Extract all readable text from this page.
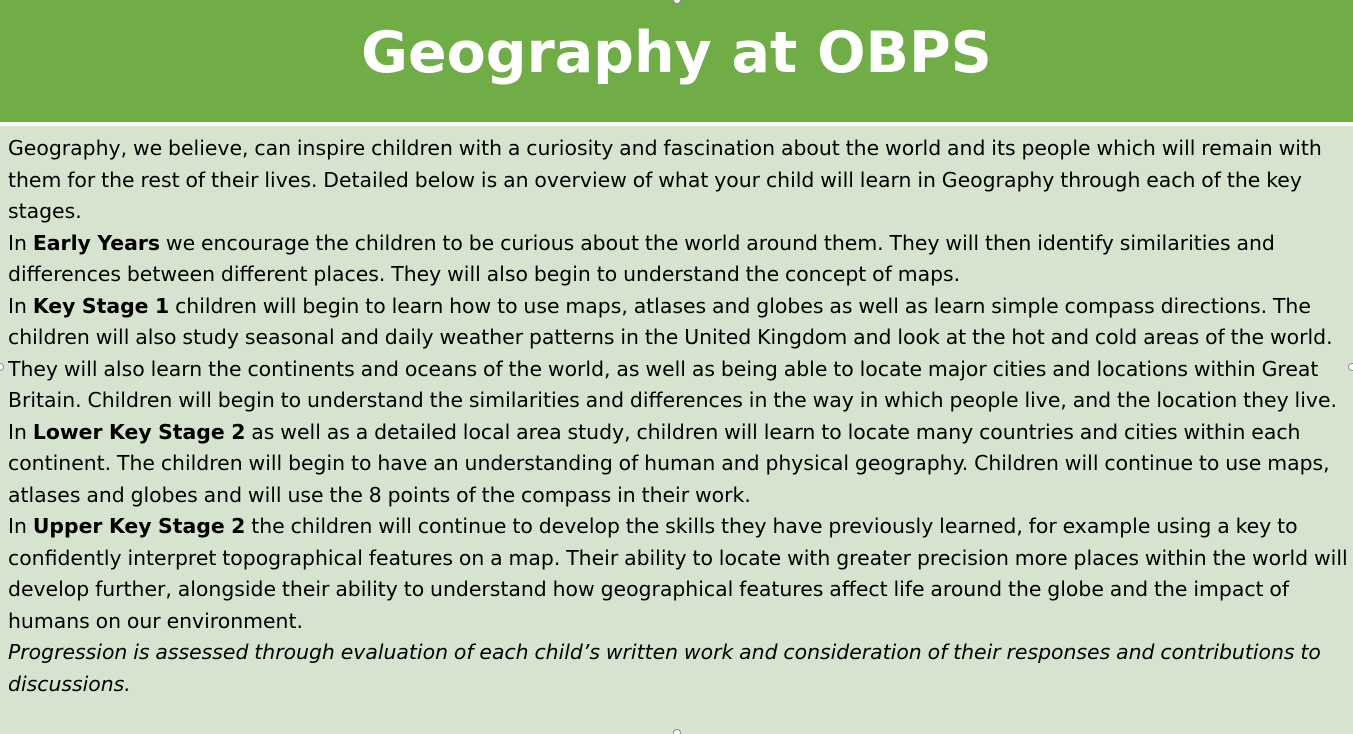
Geography at OBPS

Geography, we believe, can inspire children with a curiosity and fascination about the world and its people which will remain with them for the rest of their lives. Detailed below is an overview of what your child will learn in Geography through each of the key stages.

In Early Years we encourage the children to be curious about the world around them. They will then identify similarities and differences between different places. They will also begin to understand the concept of maps.

In Key Stage 1 children will begin to learn how to use maps, atlases and globes as well as learn simple compass directions. The children will also study seasonal and daily weather patterns in the United Kingdom and look at the hot and cold areas of the world. They will also learn the continents and oceans of the world, as well as being able to locate major cities and locations within Great Britain. Children will begin to understand the similarities and differences in the way in which people live, and the location they live.

In Lower Key Stage 2 as well as a detailed local area study, children will learn to locate many countries and cities within each continent. The children will begin to have an understanding of human and physical geography. Children will continue to use maps, atlases and globes and will use the 8 points of the compass in their work.

In Upper Key Stage 2 the children will continue to develop the skills they have previously learned, for example using a key to confidently interpret topographical features on a map. Their ability to locate with greater precision more places within the world will develop further, alongside their ability to understand how geographical features affect life around the globe and the impact of humans on our environment.

Progression is assessed through evaluation of each child’s written work and consideration of their responses and contributions to discussions.
